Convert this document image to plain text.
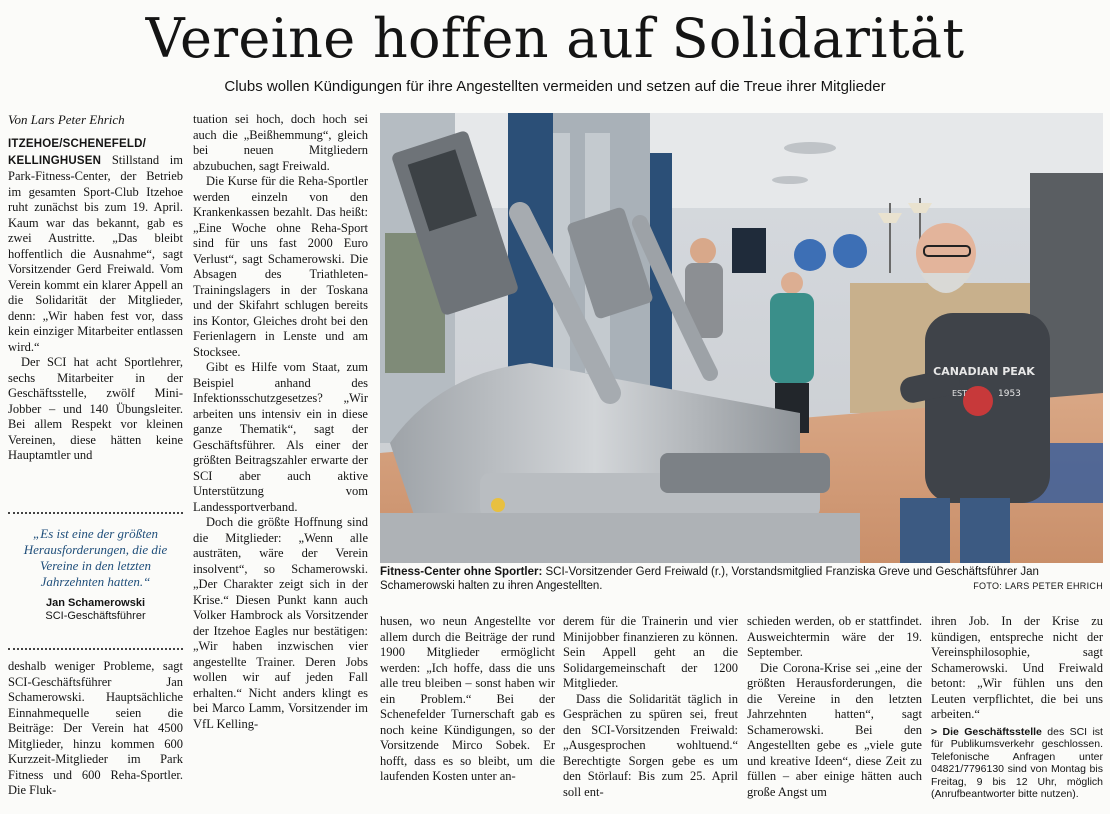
Vereine hoffen auf Solidarität
Clubs wollen Kündigungen für ihre Angestellten vermeiden und setzen auf die Treue ihrer Mitglieder
Von Lars Peter Ehrich

ITZEHOE/SCHENEFELD/ KELLINGHUSEN Stillstand im Park-Fitness-Center, der Betrieb im gesamten Sport-Club Itzehoe ruht zunächst bis zum 19. April. Kaum war das bekannt, gab es zwei Austritte. „Das bleibt hoffentlich die Ausnahme“, sagt Vorsitzender Gerd Freiwald. Vom Verein kommt ein klarer Appell an die Solidarität der Mitglieder, denn: „Wir haben fest vor, dass kein einziger Mitarbeiter entlassen wird.“

Der SCI hat acht Sportlehrer, sechs Mitarbeiter in der Geschäftsstelle, zwölf Mini-Jobber – und 140 Übungsleiter. Bei allem Respekt vor kleinen Vereinen, diese hätten keine Hauptamtler und

„Es ist eine der größten Herausforderungen, die die Vereine in den letzten Jahrzehnten hatten.“
Jan Schamerowski
SCI-Geschäftsführer

deshalb weniger Probleme, sagt SCI-Geschäftsführer Jan Schamerowski. Hauptsächliche Einnahmequelle seien die Beiträge: Der Verein hat 4500 Mitglieder, hinzu kommen 600 Kurzzeit-Mitglieder im Park Fitness und 600 Reha-Sportler. Die Fluk-

tuation sei hoch, doch hoch sei auch die „Beißhemmung“, gleich bei neuen Mitgliedern abzubuchen, sagt Freiwald.

Die Kurse für die Reha-Sportler werden einzeln von den Krankenkassen bezahlt. Das heißt: „Eine Woche ohne Reha-Sport sind für uns fast 2000 Euro Verlust“, sagt Schamerowski. Die Absagen des Triathleten-Trainingslagers in der Toskana und der Skifahrt schlugen bereits ins Kontor, Gleiches droht bei den Ferienlagern in Lenste und am Stocksee.

Gibt es Hilfe vom Staat, zum Beispiel anhand des Infektionsschutzgesetzes? „Wir arbeiten uns intensiv ein in diese ganze Thematik“, sagt der Geschäftsführer. Als einer der größten Beitragszahler erwarte der SCI aber auch aktive Unterstützung vom Landessportverband.

Doch die größte Hoffnung sind die Mitglieder: „Wenn alle austräten, wäre der Verein insolvent“, so Schamerowski. „Der Charakter zeigt sich in der Krise.“ Diesen Punkt kann auch Volker Hambrock als Vorsitzender der Itzehoe Eagles nur bestätigen: „Wir haben inzwischen vier angestellte Trainer. Deren Jobs wollen wir auf jeden Fall erhalten.“ Nicht anders klingt es bei Marco Lamm, Vorsitzender im VfL Kelling-

CANADIAN PEAK
EST	1953
Fitness-Center ohne Sportler: SCI-Vorsitzender Gerd Freiwald (r.), Vorstandsmitglied Franziska Greve und Geschäftsführer Jan Schamerowski halten zu ihren Angestellten.	FOTO: LARS PETER EHRICH

husen, wo neun Angestellte vor allem durch die Beiträge der rund 1900 Mitglieder ermöglicht werden: „Ich hoffe, dass die uns alle treu bleiben – sonst haben wir ein Problem.“ Bei der Schenefelder Turnerschaft gab es noch keine Kündigungen, so der Vorsitzende Mirco Sobek. Er hofft, dass es so bleibt, um die laufenden Kosten unter an-

derem für die Trainerin und vier Minijobber finanzieren zu können. Sein Appell geht an die Solidargemeinschaft der 1200 Mitglieder.

Dass die Solidarität täglich in Gesprächen zu spüren sei, freut den SCI-Vorsitzenden Freiwald: „Ausgesprochen wohltuend.“ Berechtigte Sorgen gebe es um den Störlauf: Bis zum 25. April soll ent-

schieden werden, ob er stattfindet. Ausweichtermin wäre der 19. September.

Die Corona-Krise sei „eine der größten Herausforderungen, die die Vereine in den letzten Jahrzehnten hatten“, sagt Schamerowski. Bei den Angestellten gebe es „viele gute und kreative Ideen“, diese Zeit zu füllen – aber einige hätten auch große Angst um

ihren Job. In der Krise zu kündigen, entspreche nicht der Vereinsphilosophie, sagt Schamerowski. Und Freiwald betont: „Wir fühlen uns den Leuten verpflichtet, die bei uns arbeiten.“

> Die Geschäftsstelle des SCI ist für Publikumsverkehr geschlossen. Telefonische Anfragen unter 04821/7796130 sind von Montag bis Freitag, 9 bis 12 Uhr, möglich (Anrufbeantworter bitte nutzen).
